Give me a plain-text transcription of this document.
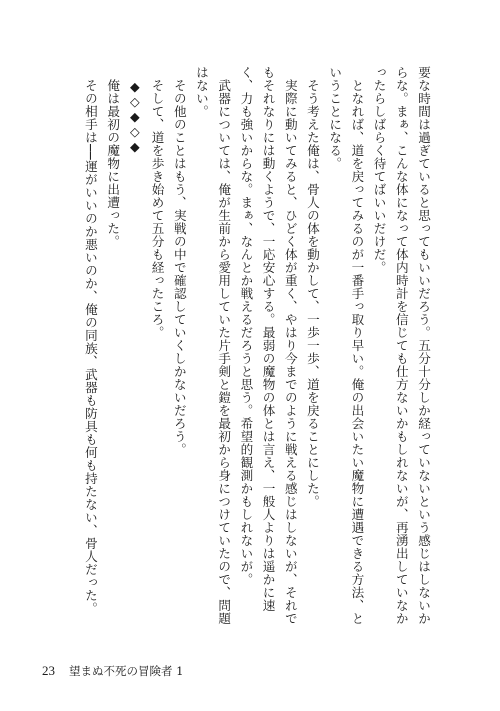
要な時間は過ぎていると思ってもいいだろう。五分十分しか経っていないという感じはしないからな。まぁ、こんな体になって体内時計を信じても仕方ないかもしれないが、再湧出していなかったらしばらく待てばいいだけだ。

となれば、道を戻ってみるのが一番手っ取り早い。俺の出会いたい魔物に遭遇できる方法、ということになる。

そう考えた俺は、骨人の体を動かして、一歩一歩、道を戻ることにした。

実際に動いてみると、ひどく体が重く、やはり今までのように戦える感じはしないが、それでもそれなりには動くようで、一応安心する。最弱の魔物の体とは言え、一般人よりは遥かに速く、力も強いからな。まぁ、なんとか戦えるだろうと思う。希望的観測かもしれないが。

武器については、俺が生前から愛用していた片手剣と鎧を最初から身につけていたので、問題はない。

その他のことはもう、実戦の中で確認していくしかないだろう。

そして、道を歩き始めて五分も経ったころ。

◆◇◆◇◆

俺は最初の魔物に出遭った。

その相手は──運がいいのか悪いのか、俺の同族、武器も防具も何も持たない、骨人だった。

23 望まぬ不死の冒険者 1
